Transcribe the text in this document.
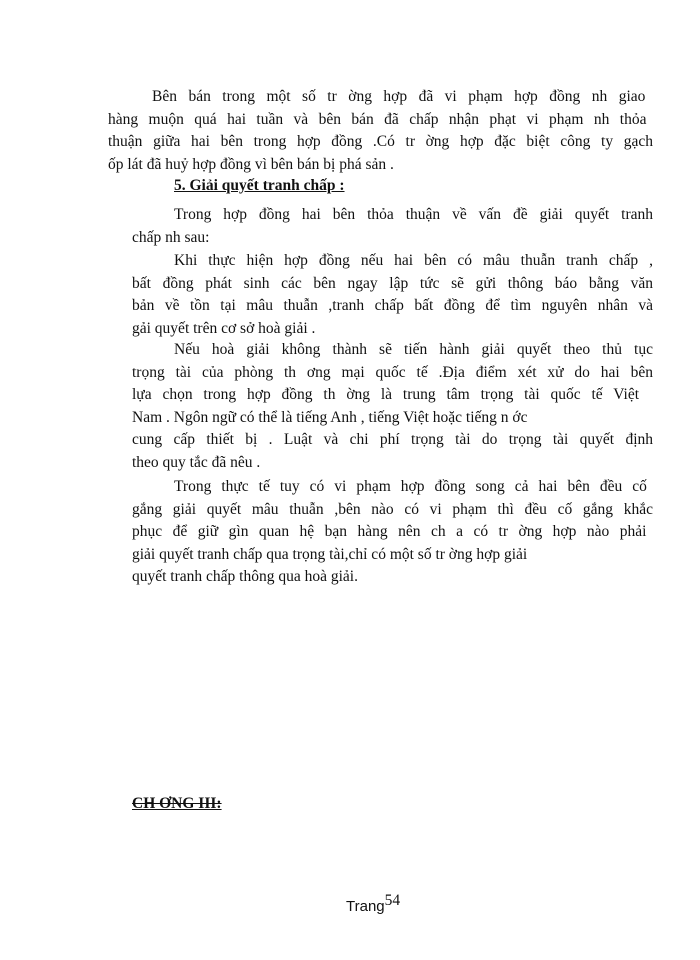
Bên bán trong một số tr ờng hợp đã vi phạm hợp đồng nh giao
hàng muộn quá hai tuần và bên bán đã chấp nhận phạt vi phạm nh thỏa
thuận giữa hai bên trong hợp đồng .Có tr ờng hợp đặc biệt công ty gạch
ốp lát đã huỷ hợp đồng vì bên bán bị phá sản .

5. Giải quyết tranh chấp :

Trong hợp đồng hai bên thỏa thuận về vấn đề giải quyết tranh
chấp nh sau:

Khi thực hiện hợp đồng nếu hai bên có mâu thuẫn tranh chấp ,
bất đồng phát sinh các bên ngay lập tức sẽ gửi thông báo bằng văn
bản về tồn tại mâu thuẫn ,tranh chấp bất đồng để tìm nguyên nhân và
gải quyết trên cơ sở hoà giải .

Nếu hoà giải không thành sẽ tiến hành giải quyết theo thủ tục
trọng tài của phòng th ơng mại quốc tế .Địa điểm xét xử do hai bên
lựa chọn trong hợp đồng th ờng là trung tâm trọng tài quốc tế Việt
Nam . Ngôn ngữ có thể là tiếng Anh , tiếng Việt hoặc tiếng n ớc
cung cấp thiết bị . Luật và chi phí trọng tài do trọng tài quyết định
theo quy tắc đã nêu .

Trong thực tế tuy có vi phạm hợp đồng song cả hai bên đều cố
gắng giải quyết mâu thuẫn ,bên nào có vi phạm thì đều cố gắng khắc
phục để giữ gìn quan hệ bạn hàng nên ch a có tr ờng hợp nào phải
giải quyết tranh chấp qua trọng tài,chỉ có một số tr ờng hợp giải
quyết tranh chấp thông qua hoà giải.

CH ƠNG III:

Trang54
